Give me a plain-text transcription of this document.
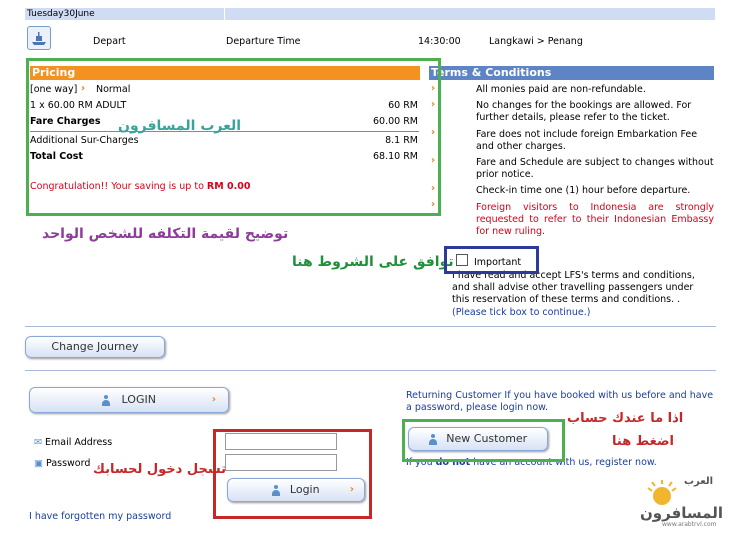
Tuesday30June
Depart	Departure Time	14:30:00	Langkawi > Penang
Pricing	Terms & Conditions
[one way] › Normal
1 x 60.00 RM ADULT	60 RM
Fare Charges	60.00 RM
Additional Sur-Charges	8.1 RM
Total Cost	68.10 RM
Congratulation!! Your saving is up to RM 0.00
›
›
›
›
›
›
All monies paid are non-refundable.
No changes for the bookings are allowed. For further details, please refer to the ticket.
Fare does not include foreign Embarkation Fee and other charges.
Fare and Schedule are subject to changes without prior notice.
Check-in time one (1) hour before departure.
Foreign visitors to Indonesia are strongly requested to refer to their Indonesian Embassy for new ruling.
Important
I have read and accept LFS's terms and conditions, and shall advise other travelling passengers under this reservation of these terms and conditions. .
(Please tick box to continue.)
Change Journey
LOGIN	›
✉ Email Address
▣ Password
Login	›
I have forgotten my password
Returning Customer If you have booked with us before and have a password, please login now.
New Customer
If you do not have an account with us, register now.
العرب المسافرون
توضيح لقيمة التكلفه للشخص الواحد
توافق على الشروط هنا
تسجل دخول لحسابك
اذا ما عندك حساب
اضغط هنا
العرب
المسافرون
www.arabtrvl.com
